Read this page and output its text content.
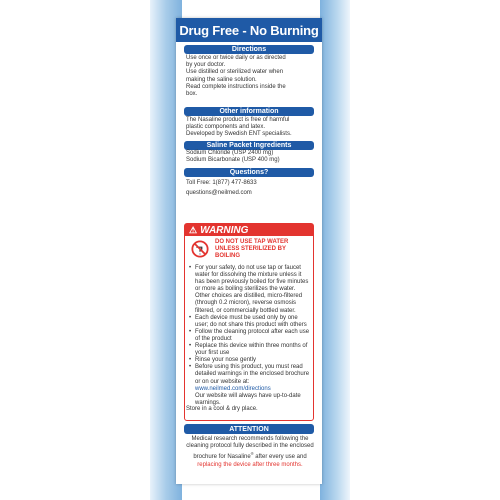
Drug Free - No Burning
Directions
Use once or twice daily or as directed
by your doctor.
Use distilled or sterilized water when
making the saline solution.
Read complete instructions inside the
box.
Other information
The Nasaline product is free of harmful
plastic components and latex.
Developed by Swedish ENT specialists.
Saline Packet Ingredients
Sodium Chloride (USP 2400 mg)
Sodium Bicarbonate (USP 400 mg)
Questions?
Toll Free: 1(877) 477-8633
questions@neilmed.com
⚠ WARNING
DO NOT USE TAP WATER UNLESS STERILIZED BY BOILING
• For your safety, do not use tap or faucet water for dissolving the mixture unless it has been previously boiled for five minutes or more as boiling sterilizes the water. Other choices are distilled, micro-filtered (through 0.2 micron), reverse osmosis filtered, or commercially bottled water.
• Each device must be used only by one user; do not share this product with others
• Follow the cleaning protocol after each use of the product
• Replace this device within three months of your first use
• Rinse your nose gently
• Before using this product, you must read detailed warnings in the enclosed brochure or on our website at: www.neilmed.com/directions
Our website will always have up-to-date warnings.
Store in a cool & dry place.
ATTENTION
Medical research recommends following the cleaning protocol fully described in the enclosed brochure for Nasaline® after every use and replacing the device after three months.
